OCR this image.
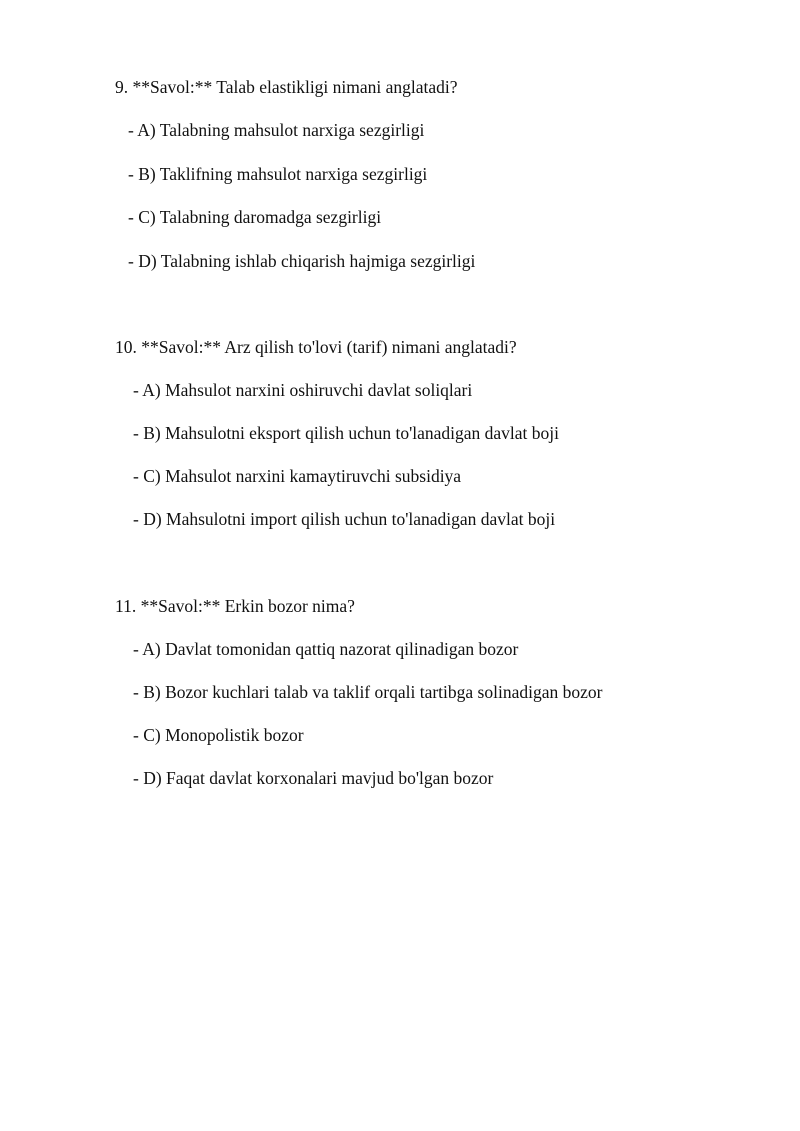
9. **Savol:** Talab elastikligi nimani anglatadi?
- A) Talabning mahsulot narxiga sezgirligi
- B) Taklifning mahsulot narxiga sezgirligi
- C) Talabning daromadga sezgirligi
- D) Talabning ishlab chiqarish hajmiga sezgirligi
10. **Savol:** Arz qilish to'lovi (tarif) nimani anglatadi?
- A) Mahsulot narxini oshiruvchi davlat soliqlari
- B) Mahsulotni eksport qilish uchun to'lanadigan davlat boji
- C) Mahsulot narxini kamaytiruvchi subsidiya
- D) Mahsulotni import qilish uchun to'lanadigan davlat boji
11. **Savol:** Erkin bozor nima?
- A) Davlat tomonidan qattiq nazorat qilinadigan bozor
- B) Bozor kuchlari talab va taklif orqali tartibga solinadigan bozor
- C) Monopolistik bozor
- D) Faqat davlat korxonalari mavjud bo'lgan bozor
